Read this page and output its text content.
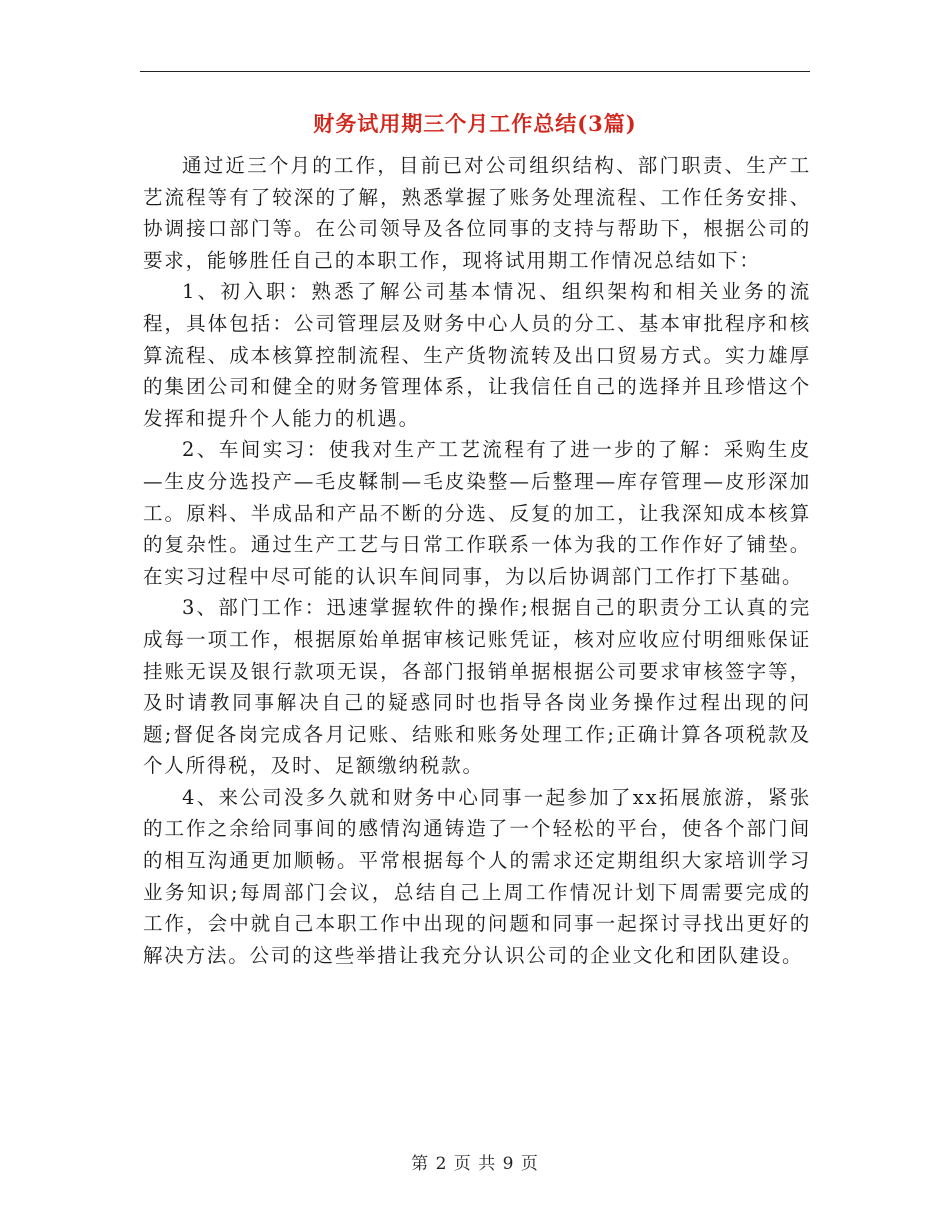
财务试用期三个月工作总结(3篇)

通过近三个月的工作，目前已对公司组织结构、部门职责、生产工艺流程等有了较深的了解，熟悉掌握了账务处理流程、工作任务安排、协调接口部门等。在公司领导及各位同事的支持与帮助下，根据公司的要求，能够胜任自己的本职工作，现将试用期工作情况总结如下：

1、初入职：熟悉了解公司基本情况、组织架构和相关业务的流程，具体包括：公司管理层及财务中心人员的分工、基本审批程序和核算流程、成本核算控制流程、生产货物流转及出口贸易方式。实力雄厚的集团公司和健全的财务管理体系，让我信任自己的选择并且珍惜这个发挥和提升个人能力的机遇。

2、车间实习：使我对生产工艺流程有了进一步的了解：采购生皮—生皮分选投产—毛皮鞣制—毛皮染整—后整理—库存管理—皮形深加工。原料、半成品和产品不断的分选、反复的加工，让我深知成本核算的复杂性。通过生产工艺与日常工作联系一体为我的工作作好了铺垫。在实习过程中尽可能的认识车间同事，为以后协调部门工作打下基础。

3、部门工作：迅速掌握软件的操作;根据自己的职责分工认真的完成每一项工作，根据原始单据审核记账凭证，核对应收应付明细账保证挂账无误及银行款项无误，各部门报销单据根据公司要求审核签字等，及时请教同事解决自己的疑惑同时也指导各岗业务操作过程出现的问题;督促各岗完成各月记账、结账和账务处理工作;正确计算各项税款及个人所得税，及时、足额缴纳税款。

4、来公司没多久就和财务中心同事一起参加了xx拓展旅游，紧张的工作之余给同事间的感情沟通铸造了一个轻松的平台，使各个部门间的相互沟通更加顺畅。平常根据每个人的需求还定期组织大家培训学习业务知识;每周部门会议，总结自己上周工作情况计划下周需要完成的工作，会中就自己本职工作中出现的问题和同事一起探讨寻找出更好的解决方法。公司的这些举措让我充分认识公司的企业文化和团队建设。

第 2 页 共 9 页
